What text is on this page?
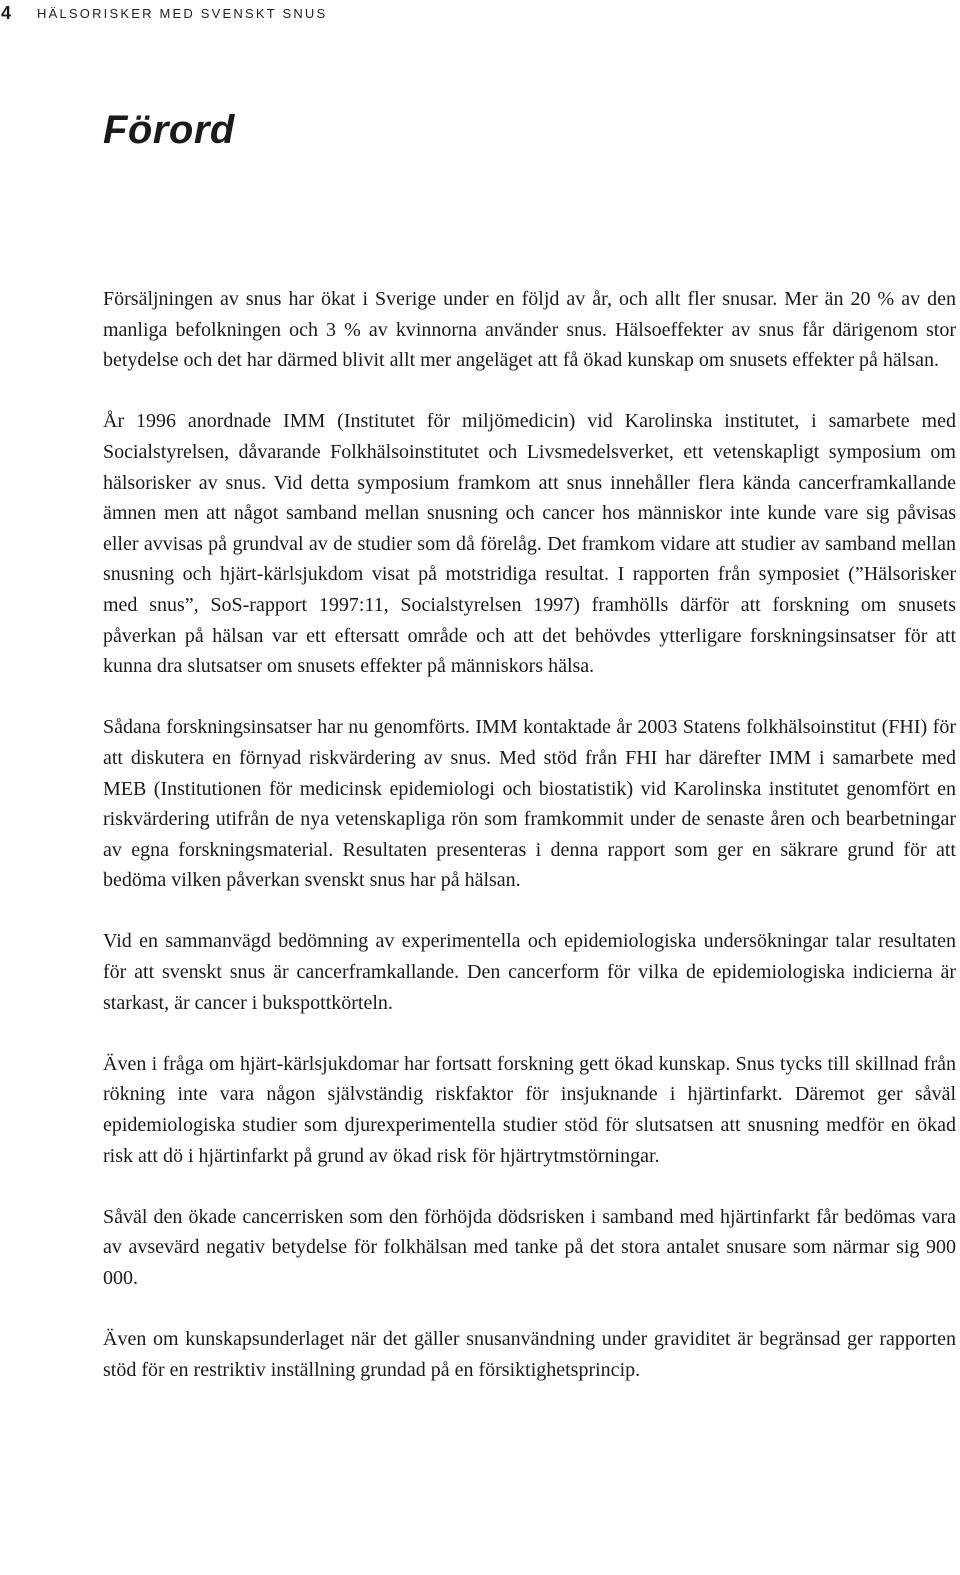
4	HÄLSORISKER MED SVENSKT SNUS
Förord

Försäljningen av snus har ökat i Sverige under en följd av år, och allt fler snusar. Mer än 20 % av den manliga befolkningen och 3 % av kvinnorna använder snus. Hälsoeffekter av snus får därigenom stor betydelse och det har därmed blivit allt mer angeläget att få ökad kunskap om snusets effekter på hälsan.

År 1996 anordnade IMM (Institutet för miljömedicin) vid Karolinska institutet, i samarbete med Socialstyrelsen, dåvarande Folkhälsoinstitutet och Livsmedelsverket, ett vetenskapligt symposium om hälsorisker av snus. Vid detta symposium framkom att snus innehåller flera kända cancerframkallande ämnen men att något samband mellan snusning och cancer hos människor inte kunde vare sig påvisas eller avvisas på grundval av de studier som då förelåg. Det framkom vidare att studier av samband mellan snusning och hjärt-kärlsjukdom visat på motstridiga resultat. I rapporten från symposiet (”Hälsorisker med snus”, SoS-rapport 1997:11, Socialstyrelsen 1997) framhölls därför att forskning om snusets påverkan på hälsan var ett eftersatt område och att det behövdes ytterligare forskningsinsatser för att kunna dra slutsatser om snusets effekter på människors hälsa.

Sådana forskningsinsatser har nu genomförts. IMM kontaktade år 2003 Statens folkhälsoinstitut (FHI) för att diskutera en förnyad riskvärdering av snus. Med stöd från FHI har därefter IMM i samarbete med MEB (Institutionen för medicinsk epidemiologi och biostatistik) vid Karolinska institutet genomfört en riskvärdering utifrån de nya vetenskapliga rön som framkommit under de senaste åren och bearbetningar av egna forskningsmaterial. Resultaten presenteras i denna rapport som ger en säkrare grund för att bedöma vilken påverkan svenskt snus har på hälsan.

Vid en sammanvägd bedömning av experimentella och epidemiologiska undersökningar talar resultaten för att svenskt snus är cancerframkallande. Den cancerform för vilka de epidemiologiska indicierna är starkast, är cancer i bukspottkörteln.

Även i fråga om hjärt-kärlsjukdomar har fortsatt forskning gett ökad kunskap. Snus tycks till skillnad från rökning inte vara någon självständig riskfaktor för insjuknande i hjärtinfarkt. Däremot ger såväl epidemiologiska studier som djurexperimentella studier stöd för slutsatsen att snusning medför en ökad risk att dö i hjärtinfarkt på grund av ökad risk för hjärtrytmstörningar.

Såväl den ökade cancerrisken som den förhöjda dödsrisken i samband med hjärtinfarkt får bedömas vara av avsevärd negativ betydelse för folkhälsan med tanke på det stora antalet snusare som närmar sig 900 000.

Även om kunskapsunderlaget när det gäller snusanvändning under graviditet är begränsad ger rapporten stöd för en restriktiv inställning grundad på en försiktighetsprincip.
